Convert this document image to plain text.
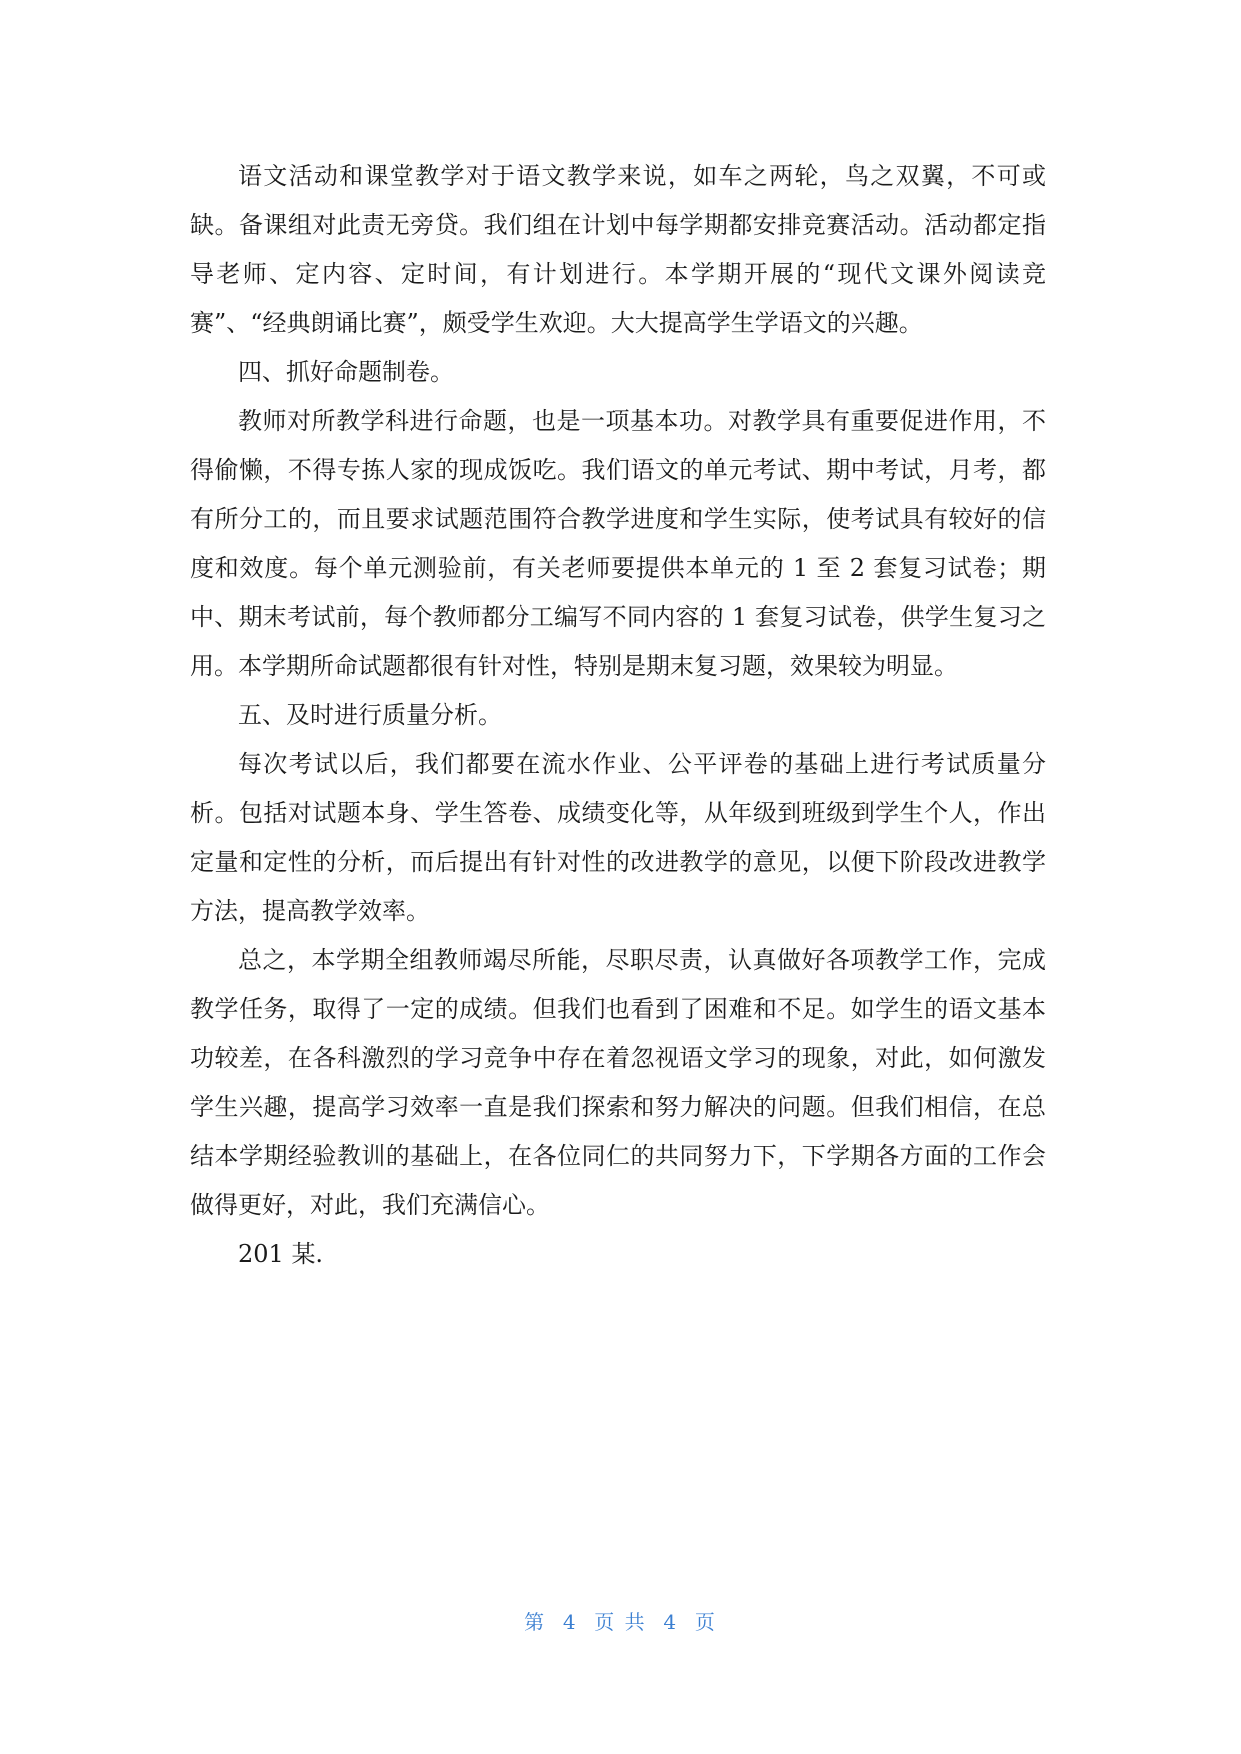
语文活动和课堂教学对于语文教学来说，如车之两轮，鸟之双翼，不可或缺。备课组对此责无旁贷。我们组在计划中每学期都安排竞赛活动。活动都定指导老师、定内容、定时间，有计划进行。本学期开展的“现代文课外阅读竞赛”、“经典朗诵比赛”，颇受学生欢迎。大大提高学生学语文的兴趣。

四、抓好命题制卷。

教师对所教学科进行命题，也是一项基本功。对教学具有重要促进作用，不得偷懒，不得专拣人家的现成饭吃。我们语文的单元考试、期中考试，月考，都有所分工的，而且要求试题范围符合教学进度和学生实际，使考试具有较好的信度和效度。每个单元测验前，有关老师要提供本单元的 1 至 2 套复习试卷；期中、期末考试前，每个教师都分工编写不同内容的 1 套复习试卷，供学生复习之用。本学期所命试题都很有针对性，特别是期末复习题，效果较为明显。

五、及时进行质量分析。

每次考试以后，我们都要在流水作业、公平评卷的基础上进行考试质量分析。包括对试题本身、学生答卷、成绩变化等，从年级到班级到学生个人，作出定量和定性的分析，而后提出有针对性的改进教学的意见，以便下阶段改进教学方法，提高教学效率。

总之，本学期全组教师竭尽所能，尽职尽责，认真做好各项教学工作，完成教学任务，取得了一定的成绩。但我们也看到了困难和不足。如学生的语文基本功较差，在各科激烈的学习竞争中存在着忽视语文学习的现象，对此，如何激发学生兴趣，提高学习效率一直是我们探索和努力解决的问题。但我们相信，在总结本学期经验教训的基础上，在各位同仁的共同努力下，下学期各方面的工作会做得更好，对此，我们充满信心。

201 某.

第  4  页 共  4  页
